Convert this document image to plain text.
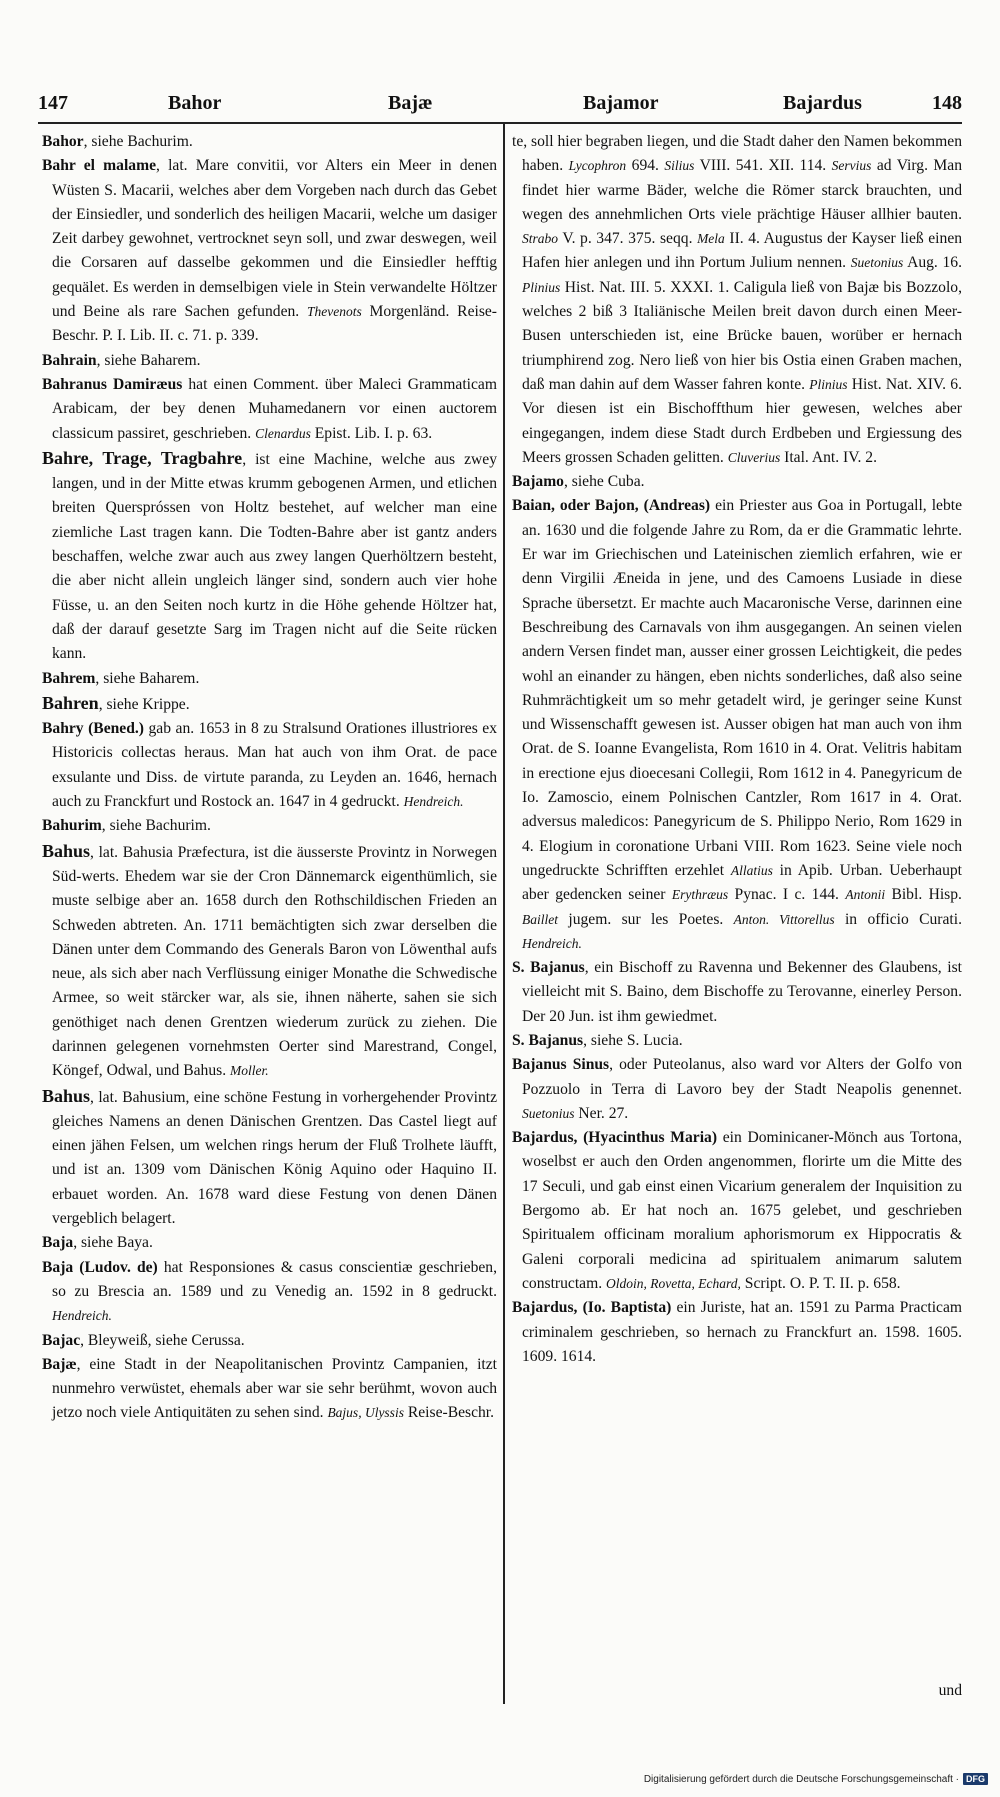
147	Bahor	Bajæ	Bajamor	Bajardus	148

Bahor, siehe Bachurim.

Bahr el malame, lat. Mare convitii, vor Alters ein Meer in denen Wüsten S. Macarii, welches aber dem Vorgeben nach durch das Gebet der Einsiedler, und sonderlich des heiligen Macarii, welche um dasiger Zeit darbey gewohnet, vertrocknet seyn soll, und zwar deswegen, weil die Corsaren auf dasselbe gekommen und die Einsiedler hefftig gequälet. Es werden in demselbigen viele in Stein verwandelte Höltzer und Beine als rare Sachen gefunden. Thevenots Morgenländ. Reise-Beschr. P. I. Lib. II. c. 71. p. 339.

Bahrain, siehe Baharem.

Bahranus Damiræus hat einen Comment. über Maleci Grammaticam Arabicam, der bey denen Muhamedanern vor einen auctorem classicum passiret, geschrieben. Clenardus Epist. Lib. I. p. 63.

Bahre, Trage, Tragbahre, ist eine Machine, welche aus zwey langen, und in der Mitte etwas krumm gebogenen Armen, und etlichen breiten Querspróssen von Holtz bestehet, auf welcher man eine ziemliche Last tragen kann. Die Todten-Bahre aber ist gantz anders beschaffen, welche zwar auch aus zwey langen Querhöltzern besteht, die aber nicht allein ungleich länger sind, sondern auch vier hohe Füsse, u. an den Seiten noch kurtz in die Höhe gehende Höltzer hat, daß der darauf gesetzte Sarg im Tragen nicht auf die Seite rücken kann.

Bahrem, siehe Baharem.

Bahren, siehe Krippe.

Bahry (Bened.) gab an. 1653 in 8 zu Stralsund Orationes illustriores ex Historicis collectas heraus. Man hat auch von ihm Orat. de pace exsulante und Diss. de virtute paranda, zu Leyden an. 1646, hernach auch zu Franckfurt und Rostock an. 1647 in 4 gedruckt. Hendreich.

Bahurim, siehe Bachurim.

Bahus, lat. Bahusia Præfectura, ist die äusserste Provintz in Norwegen Süd-werts. Ehedem war sie der Cron Dännemarck eigenthümlich, sie muste selbige aber an. 1658 durch den Rothschildischen Frieden an Schweden abtreten. An. 1711 bemächtigten sich zwar derselben die Dänen unter dem Commando des Generals Baron von Löwenthal aufs neue, als sich aber nach Verflüssung einiger Monathe die Schwedische Armee, so weit stärcker war, als sie, ihnen näherte, sahen sie sich genöthiget nach denen Grentzen wiederum zurück zu ziehen. Die darinnen gelegenen vornehmsten Oerter sind Marestrand, Congel, Köngef, Odwal, und Bahus. Moller.

Bahus, lat. Bahusium, eine schöne Festung in vorhergehender Provintz gleiches Namens an denen Dänischen Grentzen. Das Castel liegt auf einen jähen Felsen, um welchen rings herum der Fluß Trolhete läufft, und ist an. 1309 vom Dänischen König Aquino oder Haquino II. erbauet worden. An. 1678 ward diese Festung von denen Dänen vergeblich belagert.

Baja, siehe Baya.

Baja (Ludov. de) hat Responsiones & casus conscientiæ geschrieben, so zu Brescia an. 1589 und zu Venedig an. 1592 in 8 gedruckt. Hendreich.

Bajac, Bleyweiß, siehe Cerussa.

Bajæ, eine Stadt in der Neapolitanischen Provintz Campanien, itzt nunmehro verwüstet, ehemals aber war sie sehr berühmt, wovon auch jetzo noch viele Antiquitäten zu sehen sind. Bajus, Ulyssis Reise-Beschr.

te, soll hier begraben liegen, und die Stadt daher den Namen bekommen haben. Lycophron 694. Silius VIII. 541. XII. 114. Servius ad Virg. Man findet hier warme Bäder, welche die Römer starck brauchten, und wegen des annehmlichen Orts viele prächtige Häuser allhier bauten. Strabo V. p. 347. 375. seqq. Mela II. 4. Augustus der Kayser ließ einen Hafen hier anlegen und ihn Portum Julium nennen. Suetonius Aug. 16. Plinius Hist. Nat. III. 5. XXXI. 1. Caligula ließ von Bajæ bis Bozzolo, welches 2 biß 3 Italiänische Meilen breit davon durch einen Meer-Busen unterschieden ist, eine Brücke bauen, worüber er hernach triumphirend zog. Nero ließ von hier bis Ostia einen Graben machen, daß man dahin auf dem Wasser fahren konte. Plinius Hist. Nat. XIV. 6. Vor diesen ist ein Bischoffthum hier gewesen, welches aber eingegangen, indem diese Stadt durch Erdbeben und Ergiessung des Meers grossen Schaden gelitten. Cluverius Ital. Ant. IV. 2.

Bajamo, siehe Cuba.

Baian, oder Bajon, (Andreas) ein Priester aus Goa in Portugall, lebte an. 1630 und die folgende Jahre zu Rom, da er die Grammatic lehrte. Er war im Griechischen und Lateinischen ziemlich erfahren, wie er denn Virgilii Æneida in jene, und des Camoens Lusiade in diese Sprache übersetzt. Er machte auch Macaronische Verse, darinnen eine Beschreibung des Carnavals von ihm ausgegangen. An seinen vielen andern Versen findet man, ausser einer grossen Leichtigkeit, die pedes wohl an einander zu hängen, eben nichts sonderliches, daß also seine Ruhmrächtigkeit um so mehr getadelt wird, je geringer seine Kunst und Wissenschafft gewesen ist. Ausser obigen hat man auch von ihm Orat. de S. Ioanne Evangelista, Rom 1610 in 4. Orat. Velitris habitam in erectione ejus dioecesani Collegii, Rom 1612 in 4. Panegyricum de Io. Zamoscio, einem Polnischen Cantzler, Rom 1617 in 4. Orat. adversus maledicos: Panegyricum de S. Philippo Nerio, Rom 1629 in 4. Elogium in coronatione Urbani VIII. Rom 1623. Seine viele noch ungedruckte Schrifften erzehlet Allatius in Apib. Urban. Ueberhaupt aber gedencken seiner Erythræus Pynac. I c. 144. Antonii Bibl. Hisp. Baillet jugem. sur les Poetes. Anton. Vittorellus in officio Curati. Hendreich.

S. Bajanus, ein Bischoff zu Ravenna und Bekenner des Glaubens, ist vielleicht mit S. Baino, dem Bischoffe zu Terovanne, einerley Person. Der 20 Jun. ist ihm gewiedmet.

S. Bajanus, siehe S. Lucia.

Bajanus Sinus, oder Puteolanus, also ward vor Alters der Golfo von Pozzuolo in Terra di Lavoro bey der Stadt Neapolis genennet. Suetonius Ner. 27.

Bajardus, (Hyacinthus Maria) ein Dominicaner-Mönch aus Tortona, woselbst er auch den Orden angenommen, florirte um die Mitte des 17 Seculi, und gab einst einen Vicarium generalem der Inquisition zu Bergomo ab. Er hat noch an. 1675 gelebet, und geschrieben Spiritualem officinam moralium aphorismorum ex Hippocratis & Galeni corporali medicina ad spiritualem animarum salutem constructam. Oldoin, Rovetta, Echard, Script. O. P. T. II. p. 658.

Bajardus, (Io. Baptista) ein Juriste, hat an. 1591 zu Parma Practicam criminalem geschrieben, so hernach zu Franckfurt an. 1598. 1605. 1609. 1614.

und
Digitalisierung gefördert durch die Deutsche Forschungsgemeinschaft · DFG
